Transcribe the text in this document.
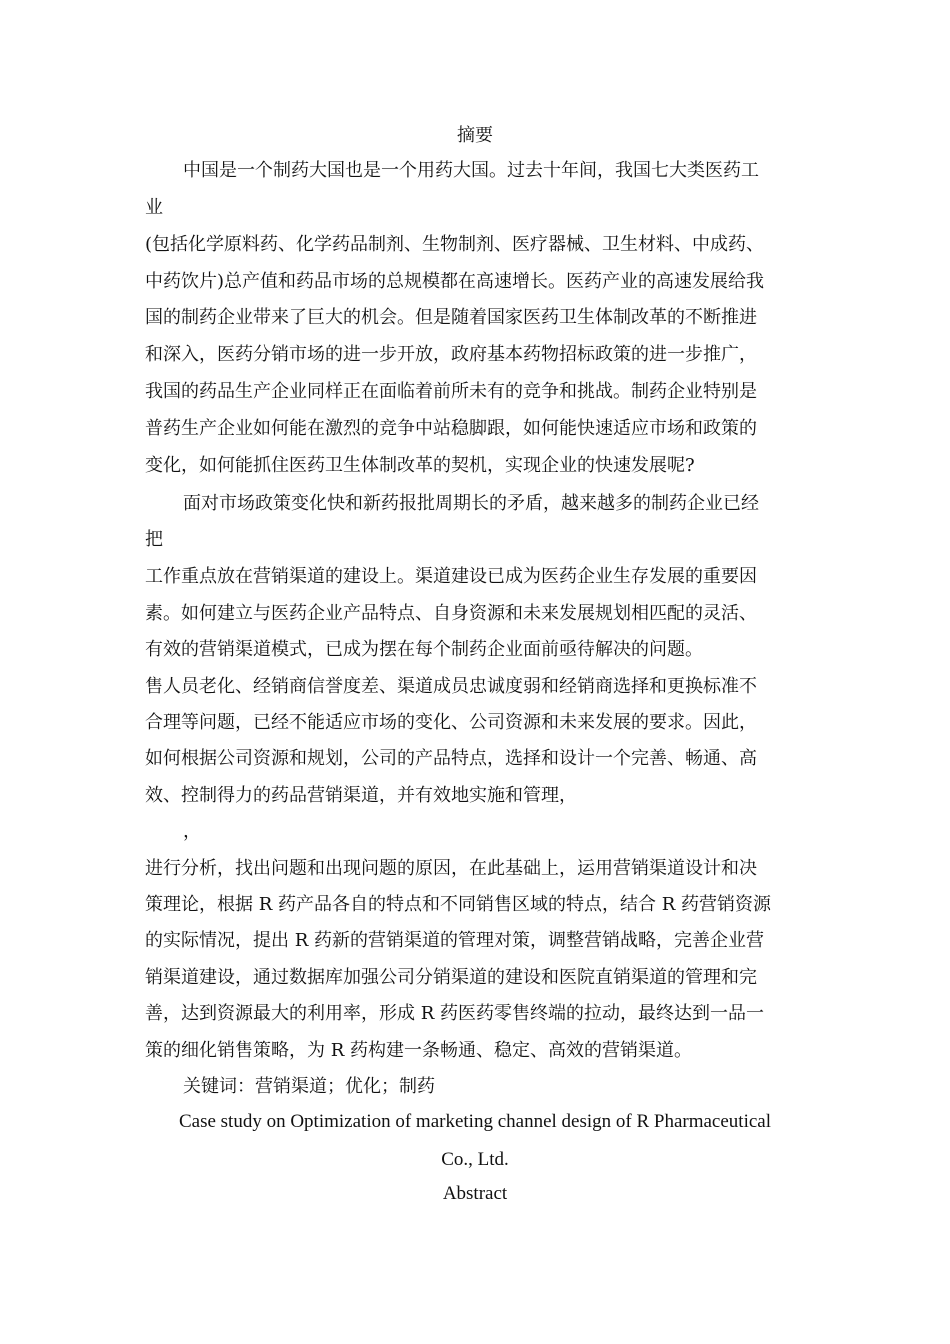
摘要
中国是一个制药大国也是一个用药大国。过去十年间，我国七大类医药工
业
(包括化学原料药、化学药品制剂、生物制剂、医疗器械、卫生材料、中成药、
中药饮片)总产值和药品市场的总规模都在高速增长。医药产业的高速发展给我
国的制药企业带来了巨大的机会。但是随着国家医药卫生体制改革的不断推进
和深入，医药分销市场的进一步开放，政府基本药物招标政策的进一步推广，
我国的药品生产企业同样正在面临着前所未有的竞争和挑战。制药企业特别是
普药生产企业如何能在激烈的竞争中站稳脚跟，如何能快速适应市场和政策的
变化，如何能抓住医药卫生体制改革的契机，实现企业的快速发展呢?
面对市场政策变化快和新药报批周期长的矛盾，越来越多的制药企业已经
把
工作重点放在营销渠道的建设上。渠道建设已成为医药企业生存发展的重要因
素。如何建立与医药企业产品特点、自身资源和未来发展规划相匹配的灵活、
有效的营销渠道模式，已成为摆在每个制药企业面前亟待解决的问题。
售人员老化、经销商信誉度差、渠道成员忠诚度弱和经销商选择和更换标准不
合理等问题，已经不能适应市场的变化、公司资源和未来发展的要求。因此，
如何根据公司资源和规划，公司的产品特点，选择和设计一个完善、畅通、高
效、控制得力的药品营销渠道，并有效地实施和管理，
，
进行分析，找出问题和出现问题的原因，在此基础上，运用营销渠道设计和决
策理论，根据 R 药产品各自的特点和不同销售区域的特点，结合 R 药营销资源
的实际情况，提出 R 药新的营销渠道的管理对策，调整营销战略，完善企业营
销渠道建设，通过数据库加强公司分销渠道的建设和医院直销渠道的管理和完
善，达到资源最大的利用率，形成 R 药医药零售终端的拉动，最终达到一品一
策的细化销售策略，为 R 药构建一条畅通、稳定、高效的营销渠道。
关键词：营销渠道；优化；制药
Case study on Optimization of marketing channel design of R Pharmaceutical
Co., Ltd.
Abstract
